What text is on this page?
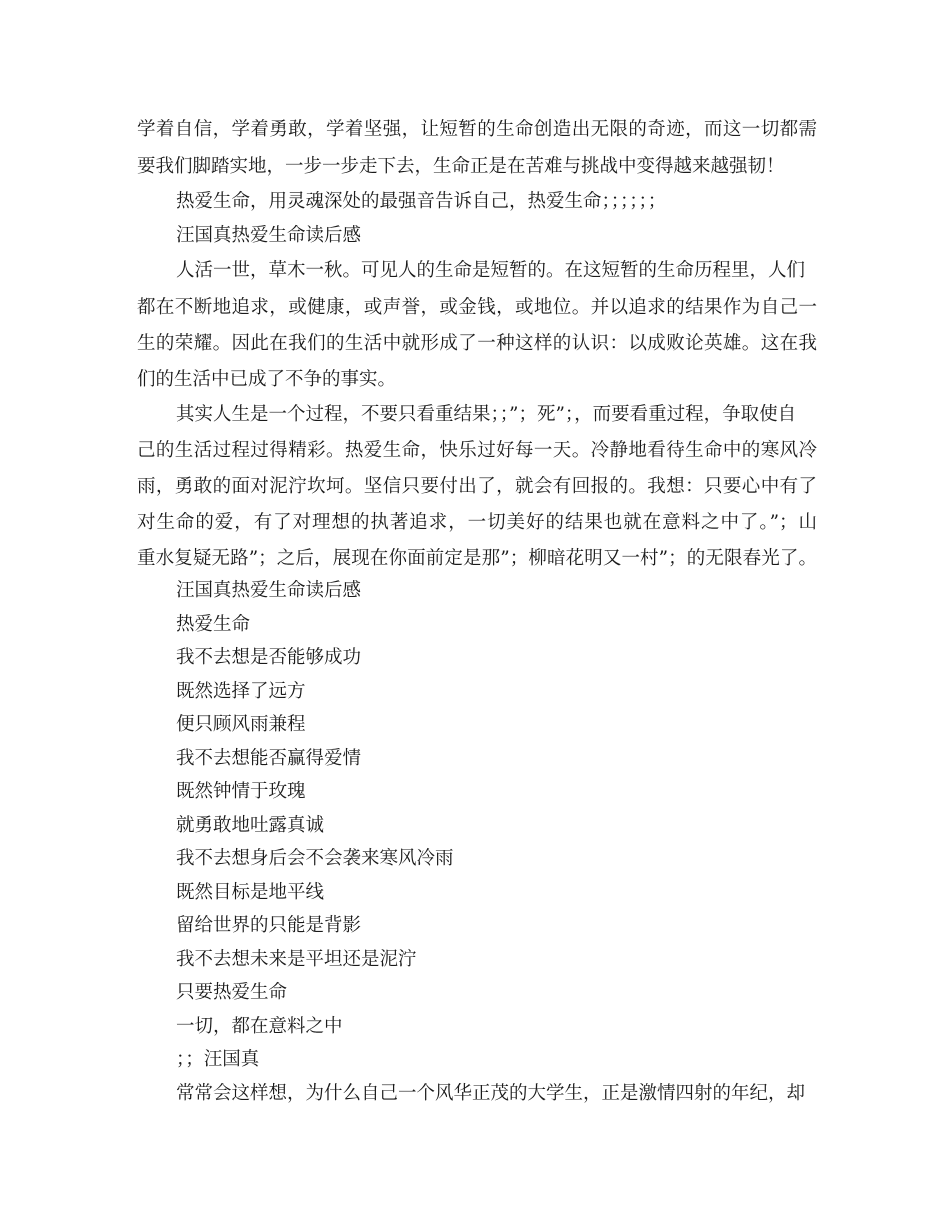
学着自信，学着勇敢，学着坚强，让短暂的生命创造出无限的奇迹，而这一切都需
要我们脚踏实地，一步一步走下去，生命正是在苦难与挑战中变得越来越强韧！
热爱生命，用灵魂深处的最强音告诉自己，热爱生命；；；；；；
汪国真热爱生命读后感
人活一世，草木一秋。可见人的生命是短暂的。在这短暂的生命历程里，人们
都在不断地追求，或健康，或声誉，或金钱，或地位。并以追求的结果作为自己一
生的荣耀。因此在我们的生活中就形成了一种这样的认识：以成败论英雄。这在我
们的生活中已成了不争的事实。
其实人生是一个过程，不要只看重结果；；”；死”；，而要看重过程，争取使自
己的生活过程过得精彩。热爱生命，快乐过好每一天。冷静地看待生命中的寒风冷
雨，勇敢的面对泥泞坎坷。坚信只要付出了，就会有回报的。我想：只要心中有了
对生命的爱，有了对理想的执著追求，一切美好的结果也就在意料之中了。”；山
重水复疑无路”；之后，展现在你面前定是那”；柳暗花明又一村”；的无限春光了。
汪国真热爱生命读后感
热爱生命
我不去想是否能够成功
既然选择了远方
便只顾风雨兼程
我不去想能否赢得爱情
既然钟情于玫瑰
就勇敢地吐露真诚
我不去想身后会不会袭来寒风冷雨
既然目标是地平线
留给世界的只能是背影
我不去想未来是平坦还是泥泞
只要热爱生命
一切，都在意料之中
；；汪国真
常常会这样想，为什么自己一个风华正茂的大学生，正是激情四射的年纪，却
